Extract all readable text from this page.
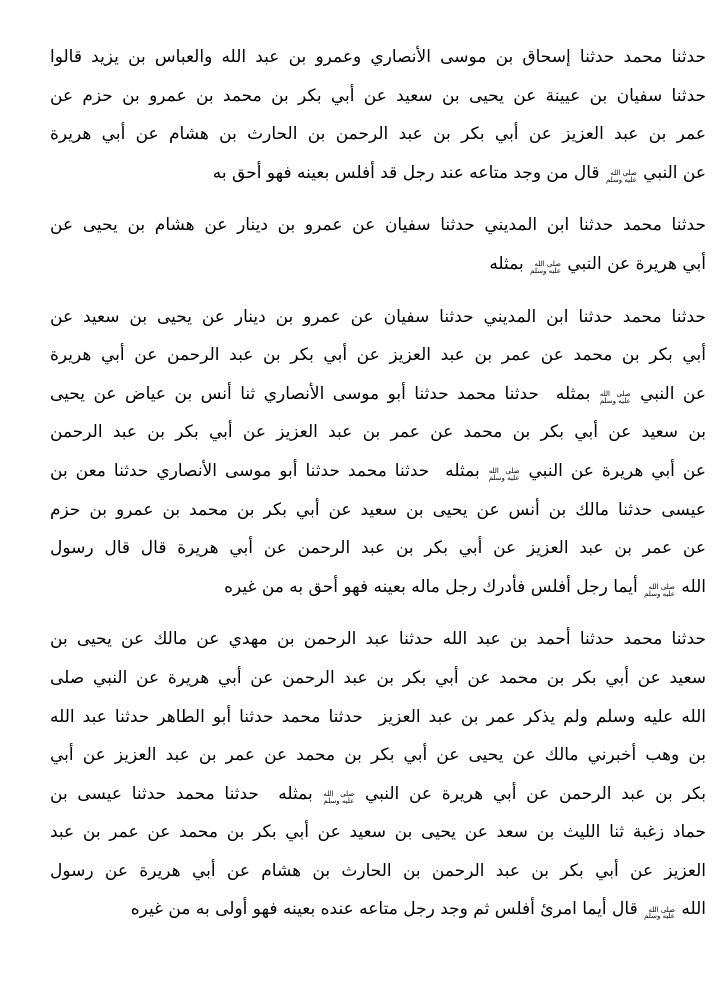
حدثنا محمد حدثنا إسحاق بن موسى الأنصاري وعمرو بن عبد الله والعباس بن يزيد قالوا
حدثنا سفيان بن عيينة عن يحيى بن سعيد عن أبي بكر بن محمد بن عمرو بن حزم عن
عمر بن عبد العزيز عن أبي بكر بن عبد الرحمن بن الحارث بن هشام عن أبي هريرة
عن النبي
صلى الله
عليه وسلم
قال من وجد متاعه عند رجل قد أفلس بعينه فهو أحق به
حدثنا محمد حدثنا ابن المديني حدثنا سفيان عن عمرو بن دينار عن هشام بن يحيى عن
أبي هريرة عن النبي
صلى الله
عليه وسلم
بمثله
حدثنا محمد حدثنا ابن المديني حدثنا سفيان عن عمرو بن دينار عن يحيى بن سعيد عن
أبي بكر بن محمد عن عمر بن عبد العزيز عن أبي بكر بن عبد الرحمن عن أبي هريرة
عن النبي
صلى الله
عليه وسلم
بمثله  حدثنا محمد حدثنا أبو موسى الأنصاري ثنا أنس بن عياض عن يحيى
بن سعيد عن أبي بكر بن محمد عن عمر بن عبد العزيز عن أبي بكر بن عبد الرحمن
عن أبي هريرة عن النبي
صلى الله
عليه وسلم
بمثله  حدثنا محمد حدثنا أبو موسى الأنصاري حدثنا معن بن
عيسى حدثنا مالك بن أنس عن يحيى بن سعيد عن أبي بكر بن محمد بن عمرو بن حزم
عن عمر بن عبد العزيز عن أبي بكر بن عبد الرحمن عن أبي هريرة قال قال رسول
الله
صلى الله
عليه وسلم
أيما رجل أفلس فأدرك رجل ماله بعينه فهو أحق به من غيره
حدثنا محمد حدثنا أحمد بن عبد الله حدثنا عبد الرحمن بن مهدي عن مالك عن يحيى بن
سعيد عن أبي بكر بن محمد عن أبي بكر بن عبد الرحمن عن أبي هريرة عن النبي صلى
الله عليه وسلم ولم يذكر عمر بن عبد العزيز  حدثنا محمد حدثنا أبو الطاهر حدثنا عبد الله
بن وهب أخبرني مالك عن يحيى عن أبي بكر بن محمد عن عمر بن عبد العزيز عن أبي
بكر بن عبد الرحمن عن أبي هريرة عن النبي
صلى الله
عليه وسلم
بمثله  حدثنا محمد حدثنا عيسى بن
حماد زغبة ثنا الليث بن سعد عن يحيى بن سعيد عن أبي بكر بن محمد عن عمر بن عبد
العزيز عن أبي بكر بن عبد الرحمن بن الحارث بن هشام عن أبي هريرة عن رسول
الله
صلى الله
عليه وسلم
قال أيما امرئ أفلس ثم وجد رجل متاعه عنده بعينه فهو أولى به من غيره
